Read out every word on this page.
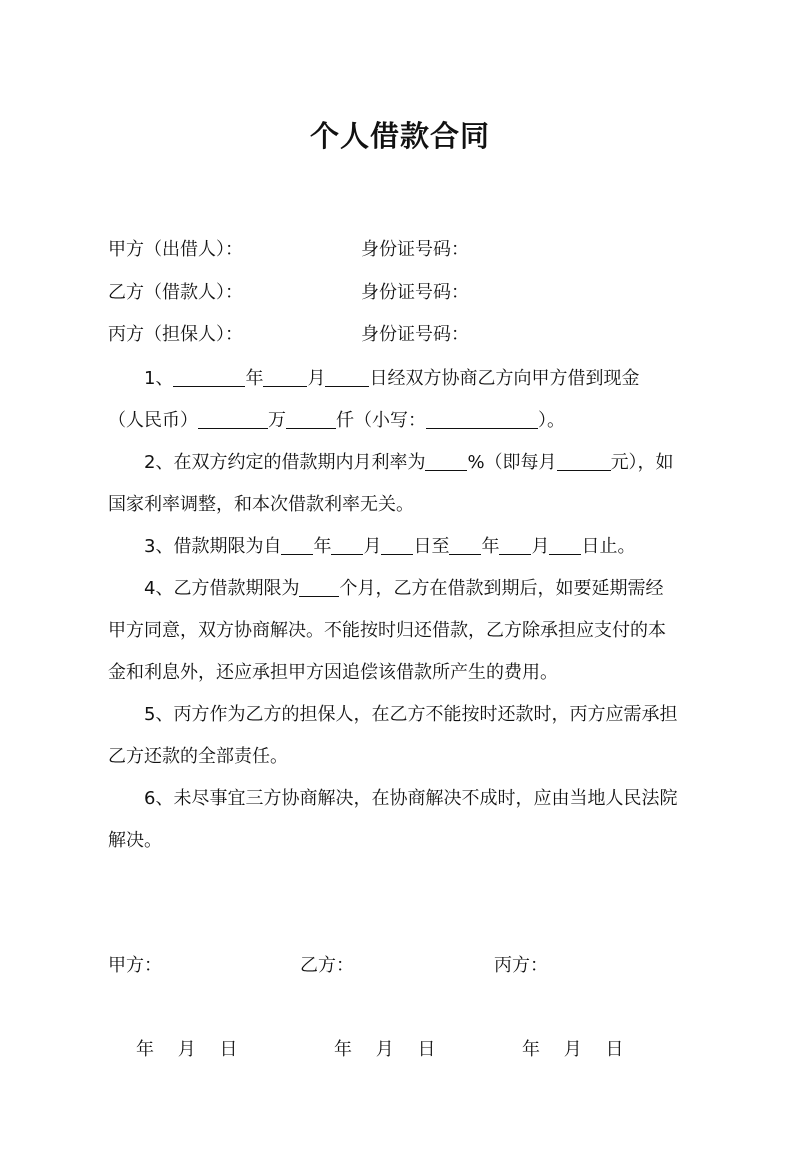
个人借款合同
甲方（出借人）：	身份证号码：
乙方（借款人）：	身份证号码：
丙方（担保人）：	身份证号码：
1、	年 月 日经双方协商乙方向甲方借到现金
（人民币）	万	仟（小写：	）。
2、在双方约定的借款期内月利率为 %（即每月	元），如
国家利率调整，和本次借款利率无关。
3、借款期限为自 年 月 日至 年 月 日止。
4、乙方借款期限为 个月，乙方在借款到期后，如要延期需经
甲方同意，双方协商解决。不能按时归还借款，乙方除承担应支付的本
金和利息外，还应承担甲方因追偿该借款所产生的费用。
5、丙方作为乙方的担保人，在乙方不能按时还款时，丙方应需承担
乙方还款的全部责任。
6、未尽事宜三方协商解决，在协商解决不成时，应由当地人民法院
解决。
甲方：	乙方：	丙方：
年　 月　 日	年　 月　 日	年　 月　 日
